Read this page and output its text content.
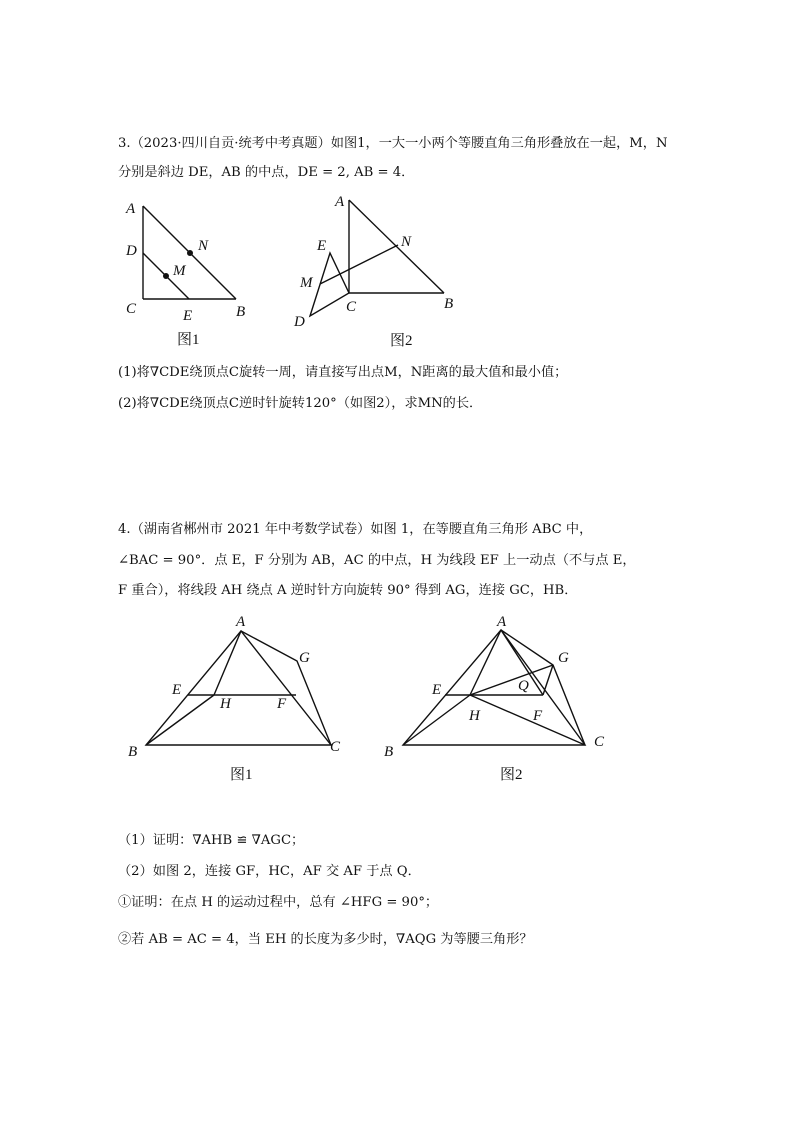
3.（2023·四川自贡·统考中考真题）如图1，一大一小两个等腰直角三角形叠放在一起，M，N
分别是斜边 DE，AB 的中点，DE = 2, AB = 4．
A
D	N
M
C	E	B
图1
A
E	N
M
C
D
B
图2
(1)将∇CDE绕顶点C旋转一周，请直接写出点M，N距离的最大值和最小值；
(2)将∇CDE绕顶点C逆时针旋转120°（如图2），求MN的长．
4.（湖南省郴州市 2021 年中考数学试卷）如图 1，在等腰直角三角形 ABC 中，
∠BAC = 90°．点 E，F 分别为 AB，AC 的中点，H 为线段 EF 上一动点（不与点 E，
F 重合），将线段 AH 绕点 A 逆时针方向旋转 90° 得到 AG，连接 GC，HB．
A
G
E
H	F
B	C
图1
A
G
E	Q
H	F
B
C
图2
（1）证明：∇AHB ≌ ∇AGC；
（2）如图 2，连接 GF，HC，AF 交 AF 于点 Q．
①证明：在点 H 的运动过程中，总有 ∠HFG = 90°；
②若 AB = AC = 4，当 EH 的长度为多少时，∇AQG 为等腰三角形？
